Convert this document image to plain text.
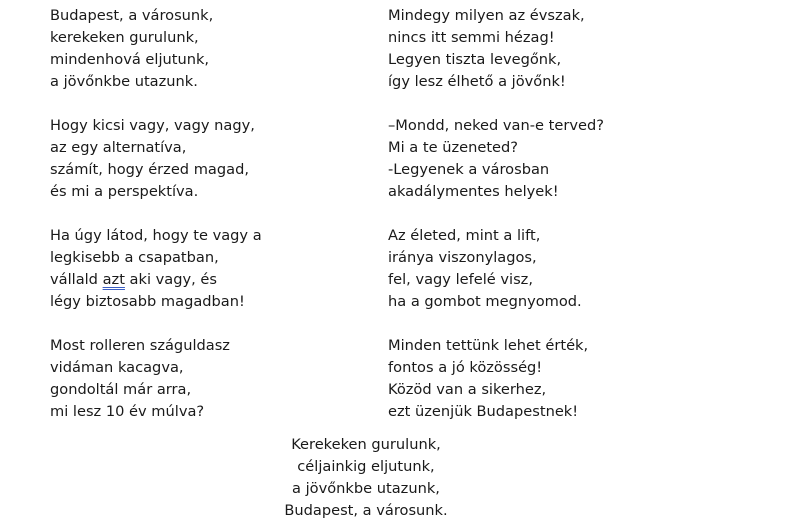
Budapest, a városunk,
kerekeken gurulunk,
mindenhová eljutunk,
a jövőnkbe utazunk.
Hogy kicsi vagy, vagy nagy,
az egy alternatíva,
számít, hogy érzed magad,
és mi a perspektíva.
Ha úgy látod, hogy te vagy a
legkisebb a csapatban,
vállald azt aki vagy, és
légy biztosabb magadban!
Most rolleren száguldasz
vidáman kacagva,
gondoltál már arra,
mi lesz 10 év múlva?
Mindegy milyen az évszak,
nincs itt semmi hézag!
Legyen tiszta levegőnk,
így lesz élhető a jövőnk!
–Mondd, neked van-e terved?
Mi a te üzeneted?
-Legyenek a városban
akadálymentes helyek!
Az életed, mint a lift,
iránya viszonylagos,
fel, vagy lefelé visz,
ha a gombot megnyomod.
Minden tettünk lehet érték,
fontos a jó közösség!
Közöd van a sikerhez,
ezt üzenjük Budapestnek!
Kerekeken gurulunk,
céljainkig eljutunk,
a jövőnkbe utazunk,
Budapest, a városunk.
